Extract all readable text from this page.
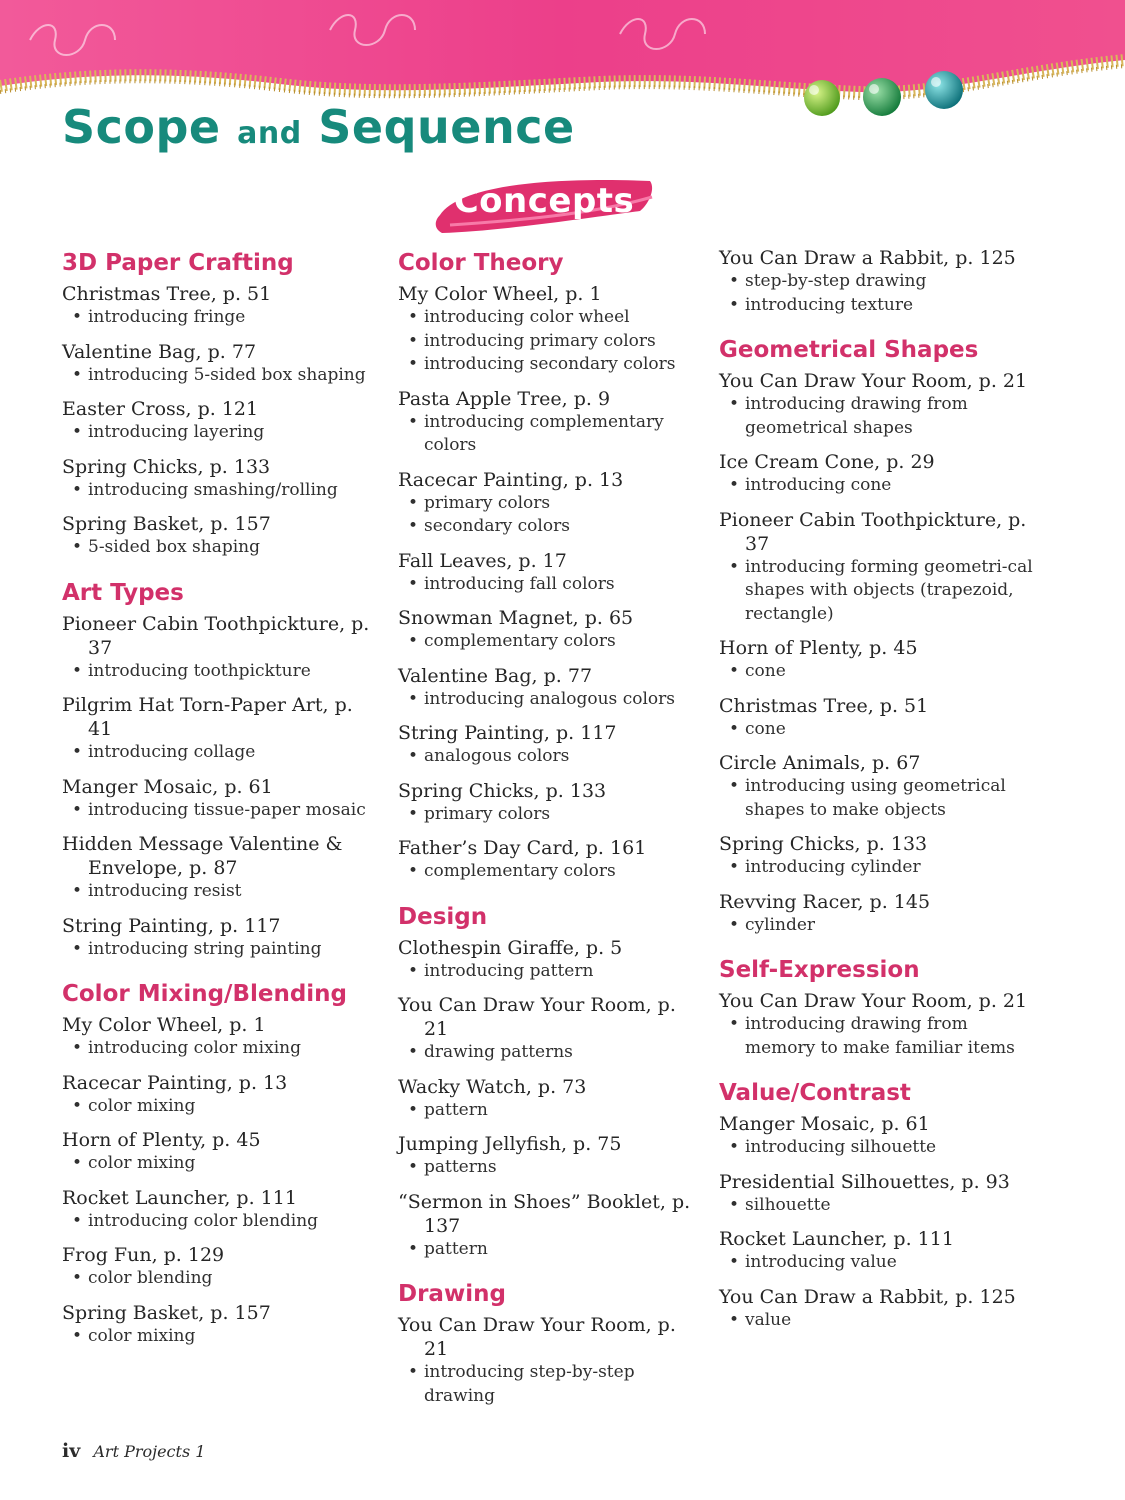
Scope and Sequence
Concepts
3D Paper Crafting
Christmas Tree, p. 51
• introducing fringe
Valentine Bag, p. 77
• introducing 5-sided box shaping
Easter Cross, p. 121
• introducing layering
Spring Chicks, p. 133
• introducing smashing/rolling
Spring Basket, p. 157
• 5-sided box shaping
Art Types
Pioneer Cabin Toothpickture, p. 37
• introducing toothpickture
Pilgrim Hat Torn-Paper Art, p. 41
• introducing collage
Manger Mosaic, p. 61
• introducing tissue-paper mosaic
Hidden Message Valentine & Envelope, p. 87
• introducing resist
String Painting, p. 117
• introducing string painting
Color Mixing/Blending
My Color Wheel, p. 1
• introducing color mixing
Racecar Painting, p. 13
• color mixing
Horn of Plenty, p. 45
• color mixing
Rocket Launcher, p. 111
• introducing color blending
Frog Fun, p. 129
• color blending
Spring Basket, p. 157
• color mixing
Color Theory
My Color Wheel, p. 1
• introducing color wheel
• introducing primary colors
• introducing secondary colors
Pasta Apple Tree, p. 9
• introducing complementary colors
Racecar Painting, p. 13
• primary colors
• secondary colors
Fall Leaves, p. 17
• introducing fall colors
Snowman Magnet, p. 65
• complementary colors
Valentine Bag, p. 77
• introducing analogous colors
String Painting, p. 117
• analogous colors
Spring Chicks, p. 133
• primary colors
Father’s Day Card, p. 161
• complementary colors
Design
Clothespin Giraffe, p. 5
• introducing pattern
You Can Draw Your Room, p. 21
• drawing patterns
Wacky Watch, p. 73
• pattern
Jumping Jellyfish, p. 75
• patterns
“Sermon in Shoes” Booklet, p. 137
• pattern
Drawing
You Can Draw Your Room, p. 21
• introducing step-by-step drawing
You Can Draw a Rabbit, p. 125
• step-by-step drawing
• introducing texture
Geometrical Shapes
You Can Draw Your Room, p. 21
• introducing drawing from geometrical shapes
Ice Cream Cone, p. 29
• introducing cone
Pioneer Cabin Toothpickture, p. 37
• introducing forming geometri-cal shapes with objects (trapezoid, rectangle)
Horn of Plenty, p. 45
• cone
Christmas Tree, p. 51
• cone
Circle Animals, p. 67
• introducing using geometrical shapes to make objects
Spring Chicks, p. 133
• introducing cylinder
Revving Racer, p. 145
• cylinder
Self-Expression
You Can Draw Your Room, p. 21
• introducing drawing from memory to make familiar items
Value/Contrast
Manger Mosaic, p. 61
• introducing silhouette
Presidential Silhouettes, p. 93
• silhouette
Rocket Launcher, p. 111
• introducing value
You Can Draw a Rabbit, p. 125
• value
iv Art Projects 1
